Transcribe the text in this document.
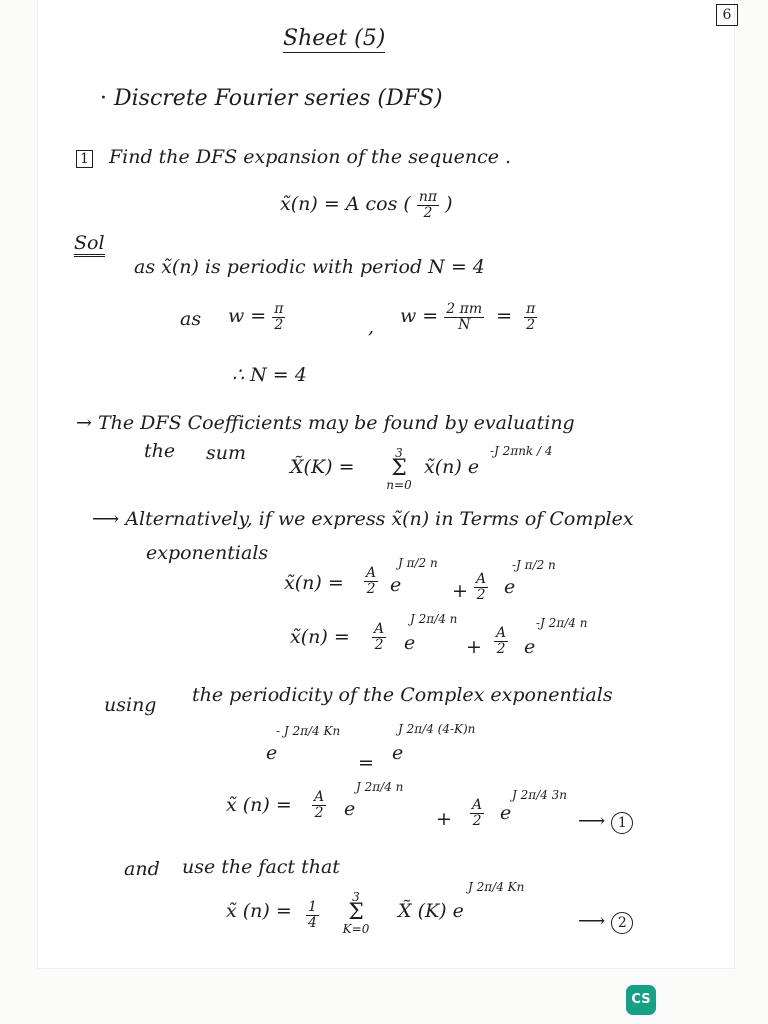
6
Sheet (5)
· Discrete Fourier series (DFS)
1 Find the DFS expansion of the sequence .
x̃(n) = A cos ( $\frac{n\pi}{2}$ )
Sol
as x̃(n) is periodic with period N = 4
as $w = \frac{\pi}{2}$	, $w = \frac{2 \pi m}{N} = \frac{\pi}{2}$
∴ N = 4
→ The DFS Coefficients may be found by evaluating
the sum
X̃(K) =
3
Σ
n=0
x̃(n) e
-J 2πnk / 4
⟶ Alternatively, if we express x̃(n) in Terms of Complex
exponentials
x̃(n) = $\frac{A}{2}$ e
J π/2 n
+ $\frac{A}{2}$ e
-J π/2 n
x̃(n) = $\frac{A}{2}$ e
J 2π/4 n
+ $\frac{A}{2}$ e
-J 2π/4 n
using the periodicity of the Complex exponentials
- J 2π/4 Kn
e	=
J 2π/4 (4-K)n
e
x̃ $(n) = \frac{A}{2}$ e
J 2π/4 n
+ $\frac{A}{2}$ e
J 2π/4 3n
⟶ 1
and use the fact that
x̃ $(n) = \frac{1}{4}$
3
Σ
K=0
X̃ (K) e
J 2π/4 Kn
⟶ 2
CS
